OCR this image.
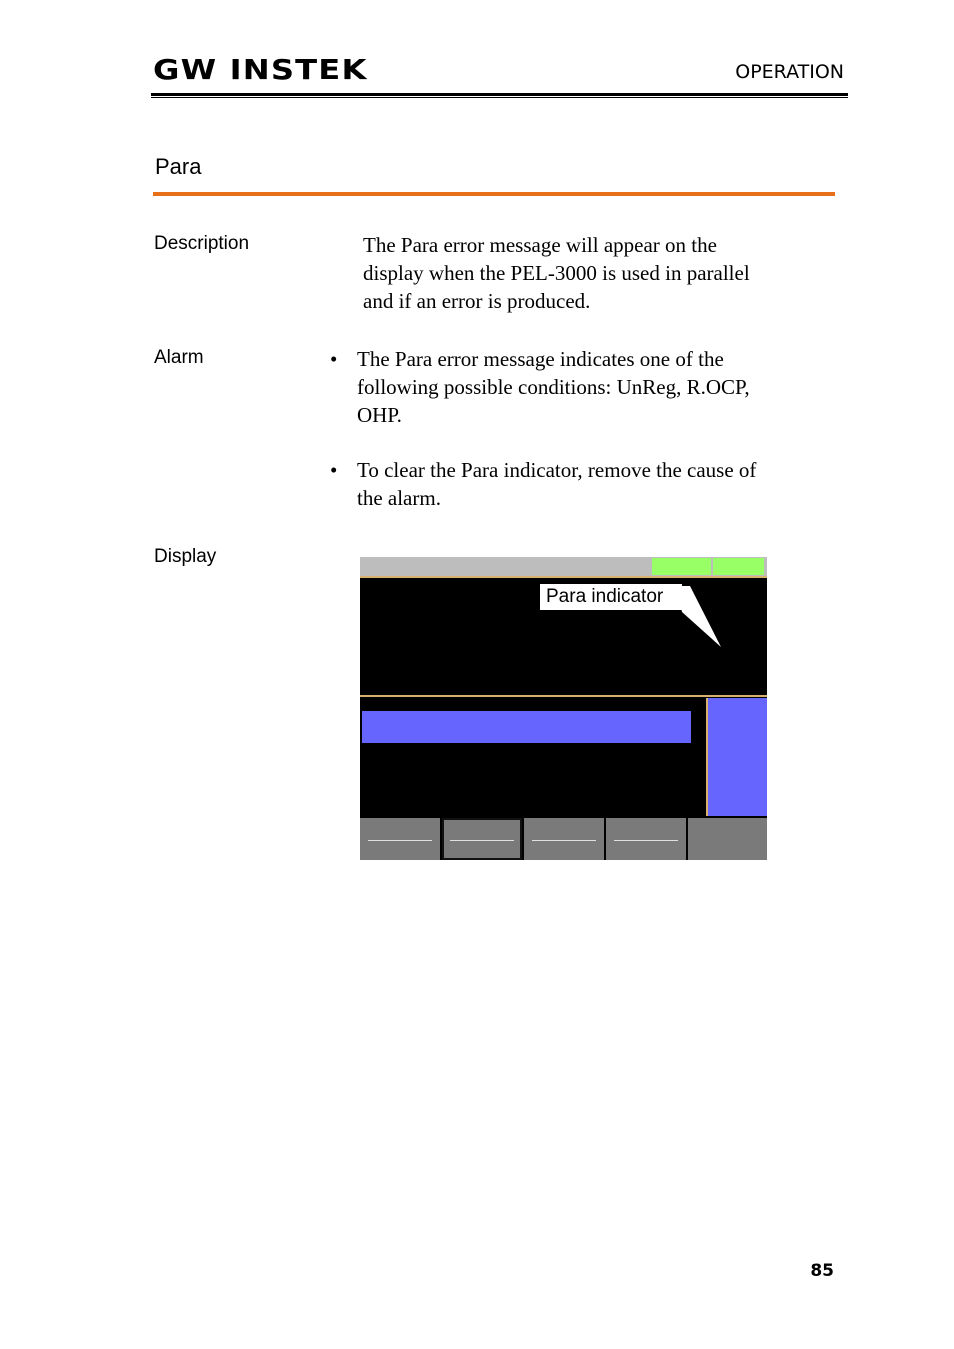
GW INSTEK	OPERATION
Para
Description	The Para error message will appear on the
display when the PEL-3000 is used in parallel
and if an error is produced.
Alarm	• The Para error message indicates one of the
following possible conditions: UnReg, R.OCP,
OHP.
• To clear the Para indicator, remove the cause of
the alarm.
Display
Para indicator
85
